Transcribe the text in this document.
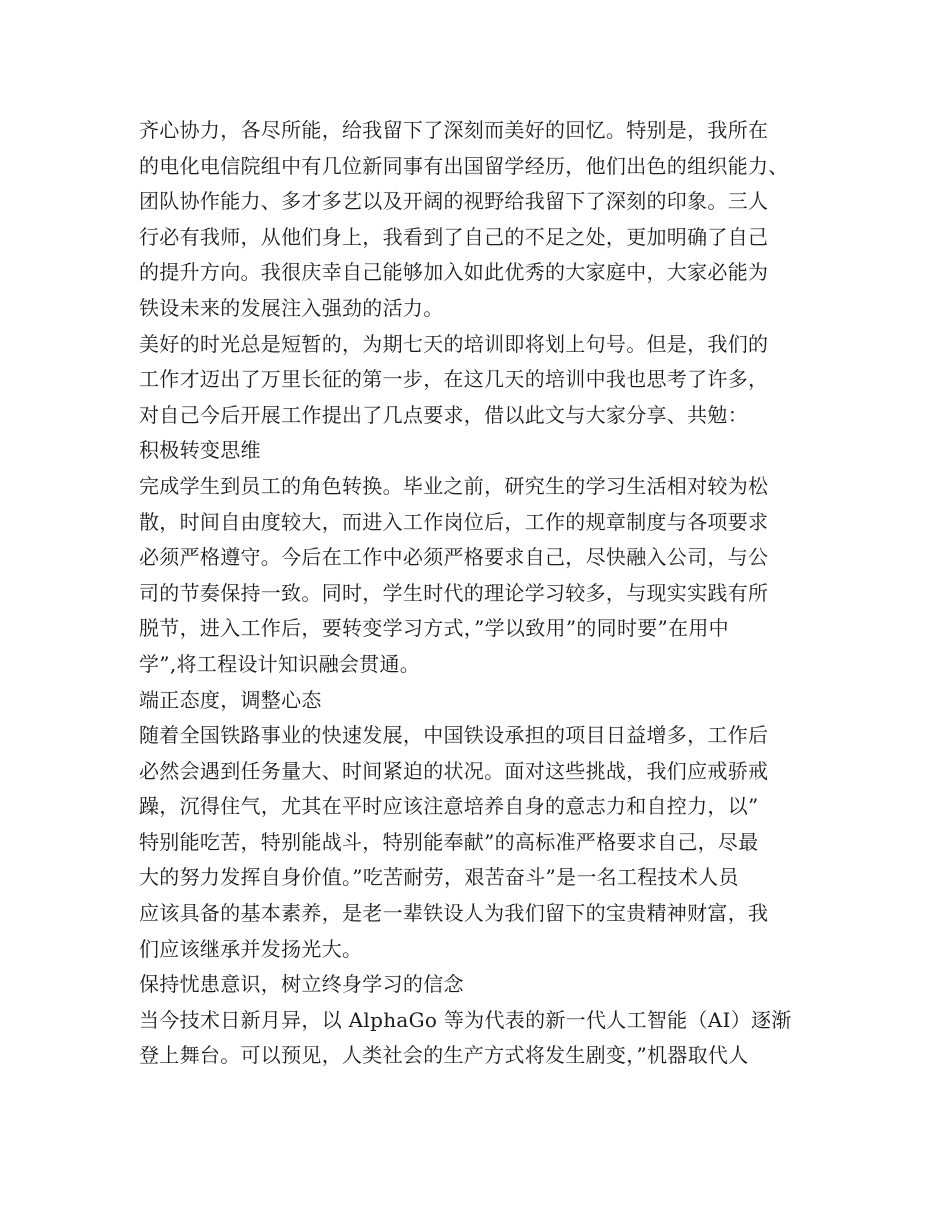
齐心协力，各尽所能，给我留下了深刻而美好的回忆。特别是，我所在
的电化电信院组中有几位新同事有出国留学经历，他们出色的组织能力、
团队协作能力、多才多艺以及开阔的视野给我留下了深刻的印象。三人
行必有我师，从他们身上，我看到了自己的不足之处，更加明确了自己
的提升方向。我很庆幸自己能够加入如此优秀的大家庭中，大家必能为
铁设未来的发展注入强劲的活力。
美好的时光总是短暂的，为期七天的培训即将划上句号。但是，我们的
工作才迈出了万里长征的第一步，在这几天的培训中我也思考了许多，
对自己今后开展工作提出了几点要求，借以此文与大家分享、共勉：
积极转变思维
完成学生到员工的角色转换。毕业之前，研究生的学习生活相对较为松
散，时间自由度较大，而进入工作岗位后，工作的规章制度与各项要求
必须严格遵守。今后在工作中必须严格要求自己，尽快融入公司，与公
司的节奏保持一致。同时，学生时代的理论学习较多，与现实实践有所
脱节，进入工作后，要转变学习方式，”学以致用”的同时要”在用中
学”,将工程设计知识融会贯通。
端正态度，调整心态
随着全国铁路事业的快速发展，中国铁设承担的项目日益增多，工作后
必然会遇到任务量大、时间紧迫的状况。面对这些挑战，我们应戒骄戒
躁，沉得住气，尤其在平时应该注意培养自身的意志力和自控力，以”
特别能吃苦，特别能战斗，特别能奉献”的高标准严格要求自己，尽最
大的努力发挥自身价值。”吃苦耐劳，艰苦奋斗”是一名工程技术人员
应该具备的基本素养，是老一辈铁设人为我们留下的宝贵精神财富，我
们应该继承并发扬光大。
保持忧患意识，树立终身学习的信念
当今技术日新月异，以 AlphaGo 等为代表的新一代人工智能（AI）逐渐
登上舞台。可以预见，人类社会的生产方式将发生剧变，”机器取代人
